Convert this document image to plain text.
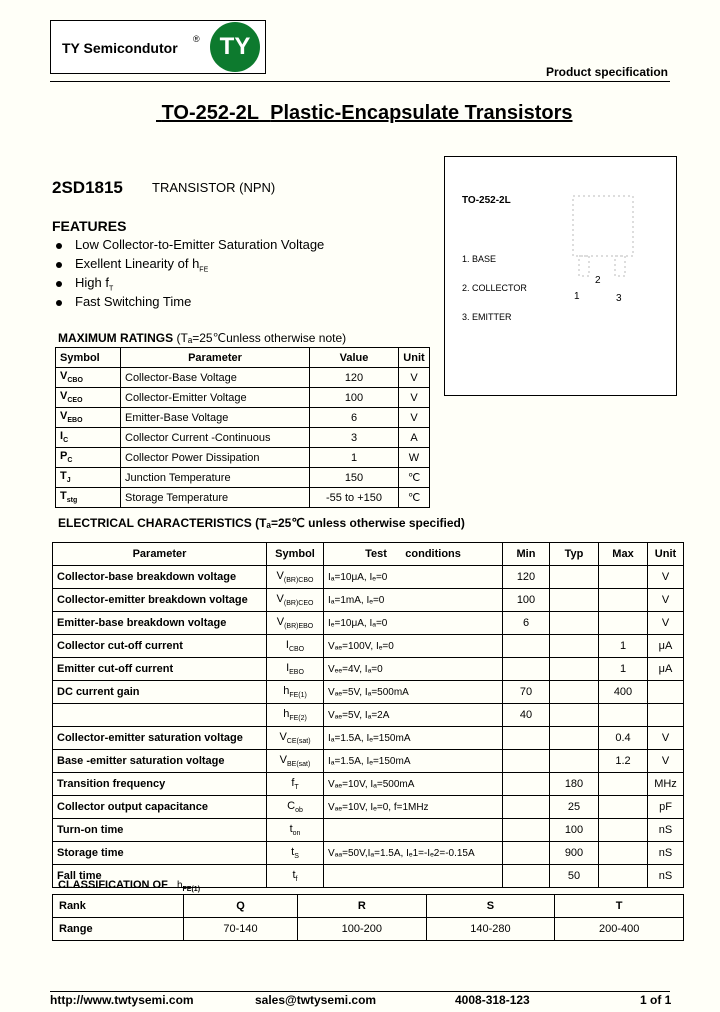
TY Semicondutor
® TY
Product specification
TO-252-2L Plastic-Encapsulate Transistors
2SD1815 TRANSISTOR (NPN)
FEATURES
Low Collector-to-Emitter Saturation Voltage
Exellent Linearity of $h_{FE}$
High $f_T$
Fast Switching Time
TO-252-2L
1. BASE
2. COLLECTOR
3. EMITTER
1
2
3
MAXIMUM RATINGS (Tₐ=25℃unless otherwise note)
Symbol	Parameter	Value	Unit
$V_{CBO}$	Collector-Base Voltage	120	V
$V_{CEO}$	Collector-Emitter Voltage	100	V
$V_{EBO}$	Emitter-Base Voltage	6	V
$I_C$	Collector Current -Continuous	3	A
$P_C$	Collector Power Dissipation	1	W
$T_J$	Junction Temperature	150	℃
$T_{stg}$	Storage Temperature	-55 to +150	℃
ELECTRICAL CHARACTERISTICS (Tₐ=25℃ unless otherwise specified)
Parameter	Symbol	Test      conditions	Min	Typ	Max	Unit
Collector-base breakdown voltage	$V_{(BR)CBO}$	Iₐ=10μA, Iₑ=0	120			V
Collector-emitter breakdown voltage	$V_{(BR)CEO}$	Iₐ=1mA, Iₑ=0	100			V
Emitter-base breakdown voltage	$V_{(BR)EBO}$	Iₑ=10μA, Iₐ=0	6			V
Collector cut-off current	$I_{CBO}$	Vₐₑ=100V, Iₑ=0			1	μA
Emitter cut-off current	$I_{EBO}$	Vₑₑ=4V, Iₐ=0			1	μA
DC current gain	$h_{FE(1)}$	Vₐₑ=5V, Iₐ=500mA	70		400	
	$h_{FE(2)}$	Vₐₑ=5V, Iₐ=2A	40			
Collector-emitter saturation voltage	$V_{CE(sat)}$	Iₐ=1.5A, Iₑ=150mA			0.4	V
Base -emitter saturation voltage	$V_{BE(sat)}$	Iₐ=1.5A, Iₑ=150mA			1.2	V
Transition frequency	$f_T$	Vₐₑ=10V, Iₐ=500mA		180		MHz
Collector output capacitance	$C_{ob}$	Vₐₑ=10V, Iₑ=0, f=1MHz		25		pF
Turn-on time	$t_{on}$			100		nS
Storage time	$t_S$	Vₐₐ=50V,Iₐ=1.5A, Iₑ1=-Iₑ2=-0.15A		900		nS
Fall time	$t_f$			50		nS
CLASSIFICATION OF $h_{FE(1)}$
Rank	Q	R	S	T
Range	70-140	100-200	140-280	200-400
http://www.twtysemi.com	sales@twtysemi.com	4008-318-123	1 of 1
